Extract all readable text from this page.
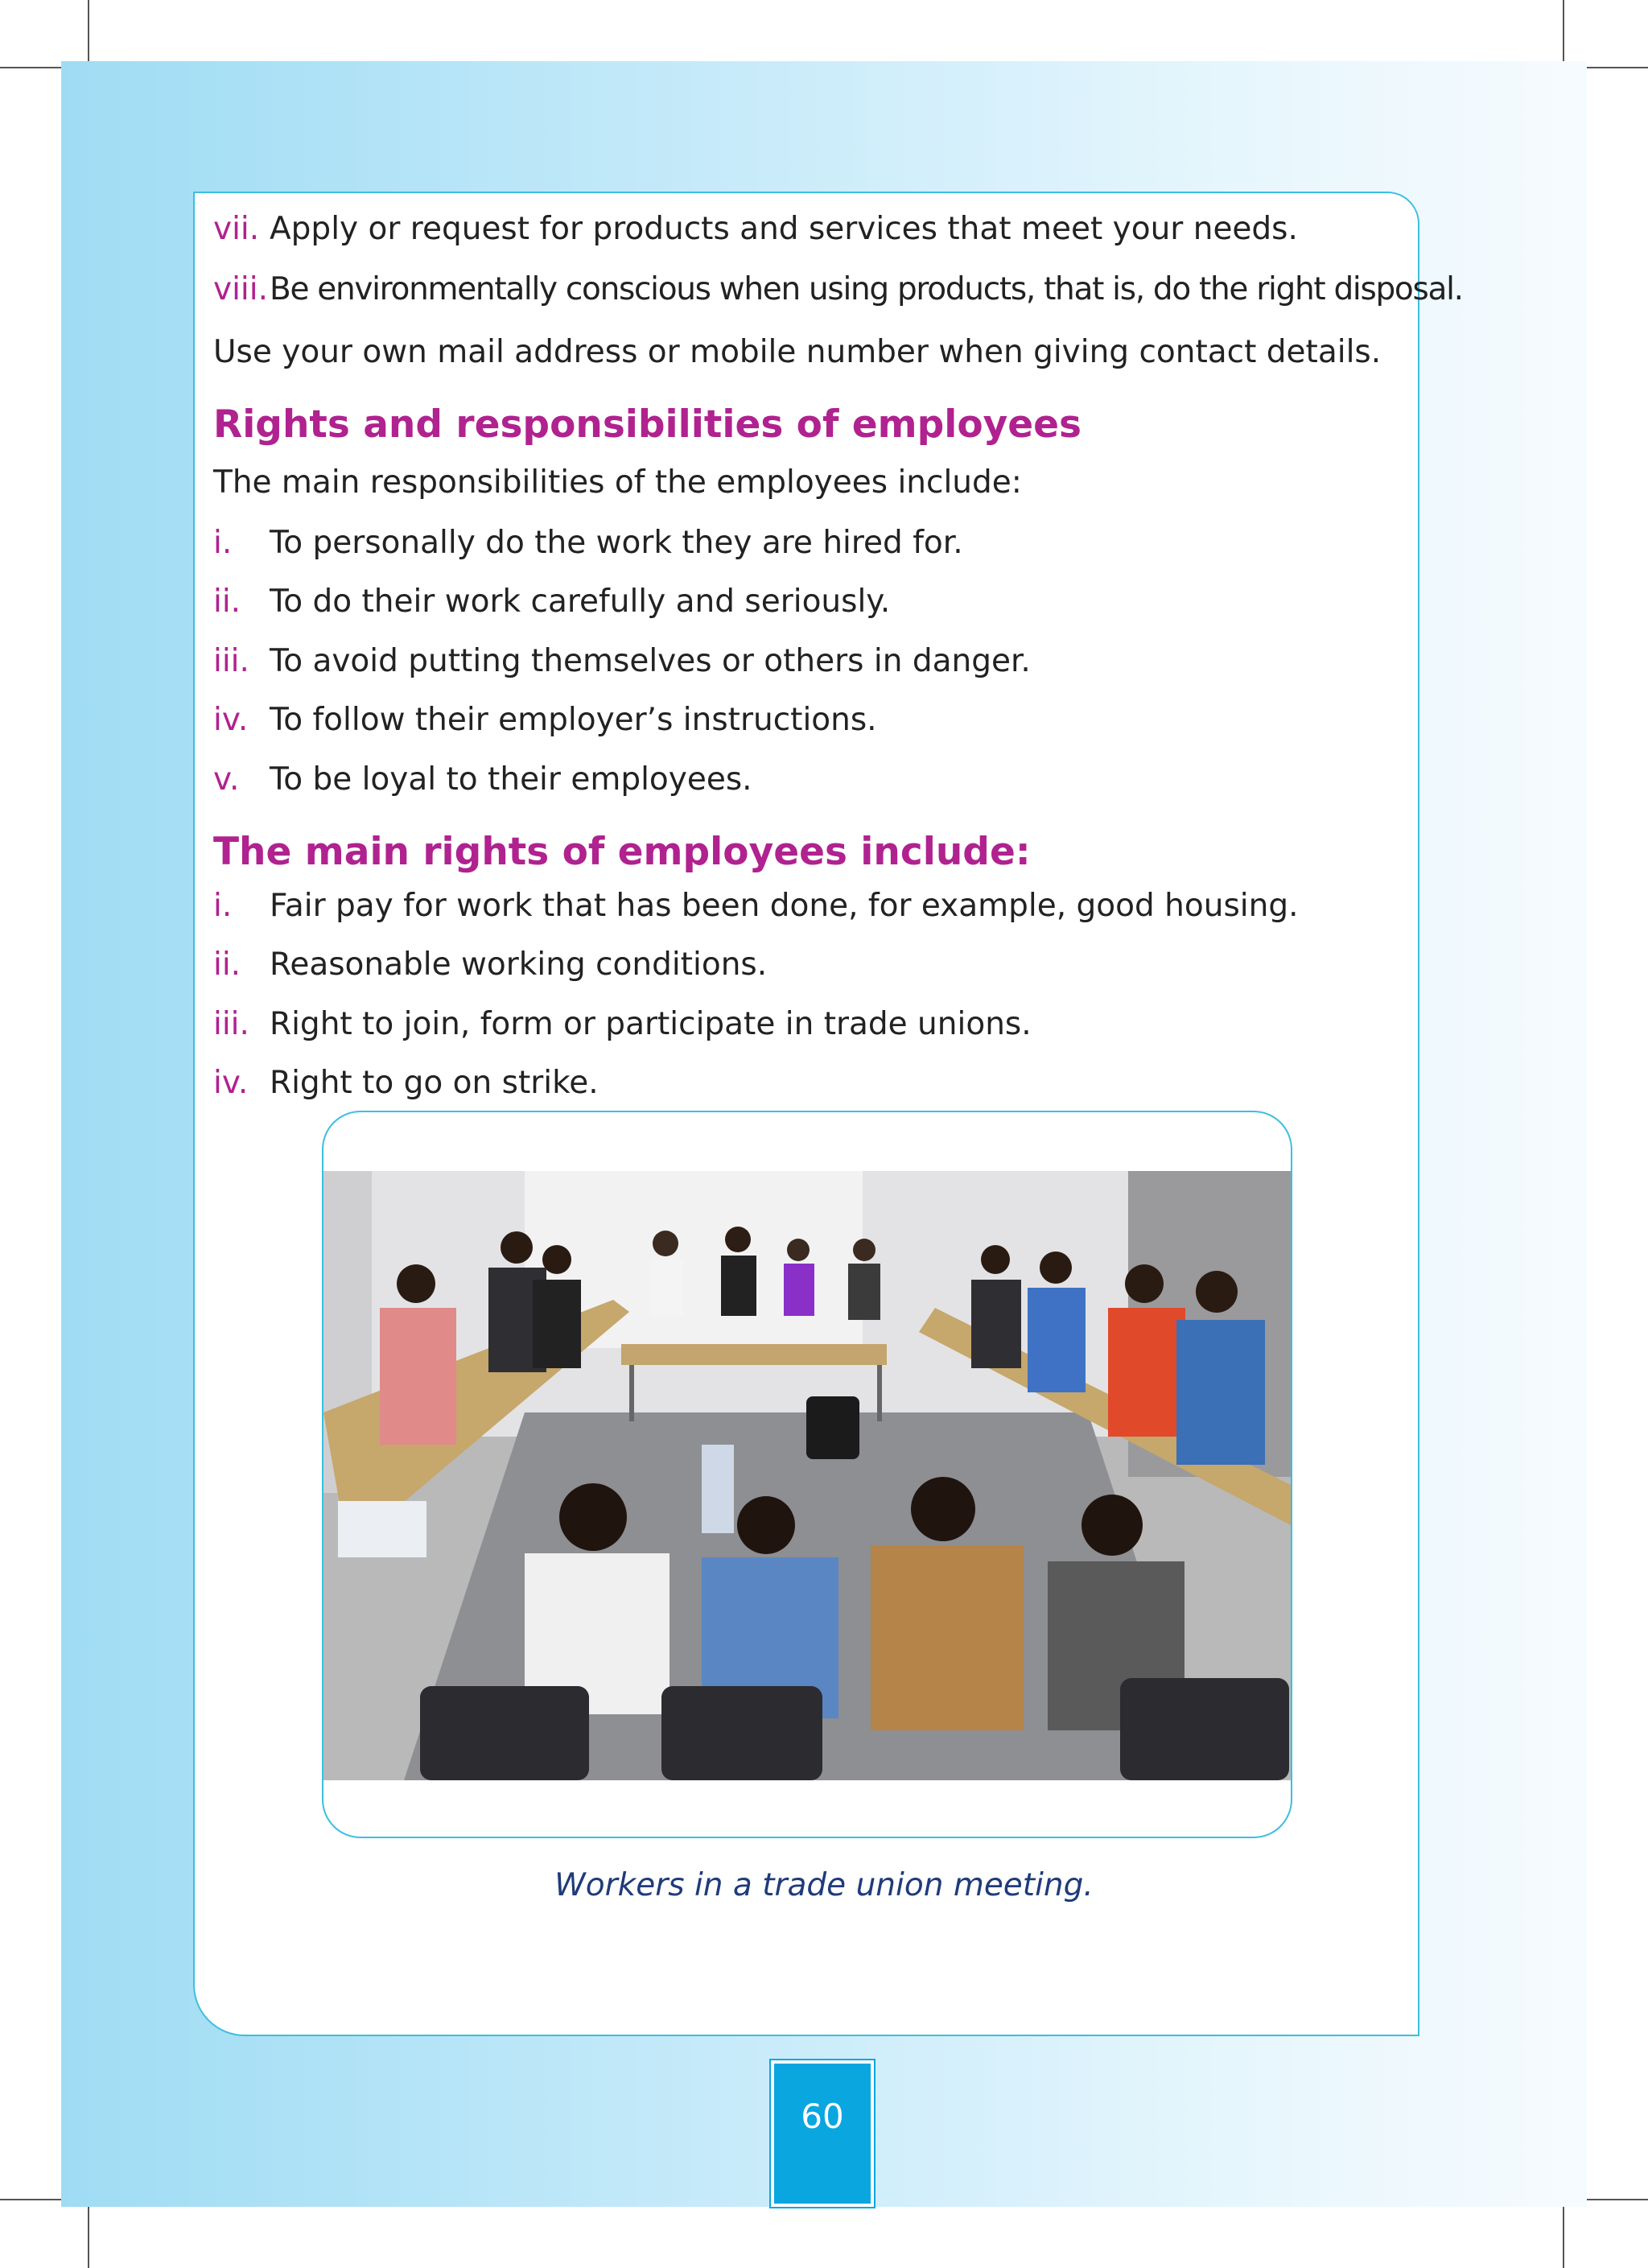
vii. Apply or request for products and services that meet your needs.
viii. Be environmentally conscious when using products, that is, do the right disposal.
Use your own mail address or mobile number when giving contact details.
Rights and responsibilities of employees
The main responsibilities of the employees include:
i. To personally do the work they are hired for.
ii. To do their work carefully and seriously.
iii. To avoid putting themselves or others in danger.
iv. To follow their employer’s instructions.
v. To be loyal to their employees.
The main rights of employees include:
i. Fair pay for work that has been done, for example, good housing.
ii. Reasonable working conditions.
iii. Right to join, form or participate in trade unions.
iv. Right to go on strike.
Workers in a trade union meeting.
60
